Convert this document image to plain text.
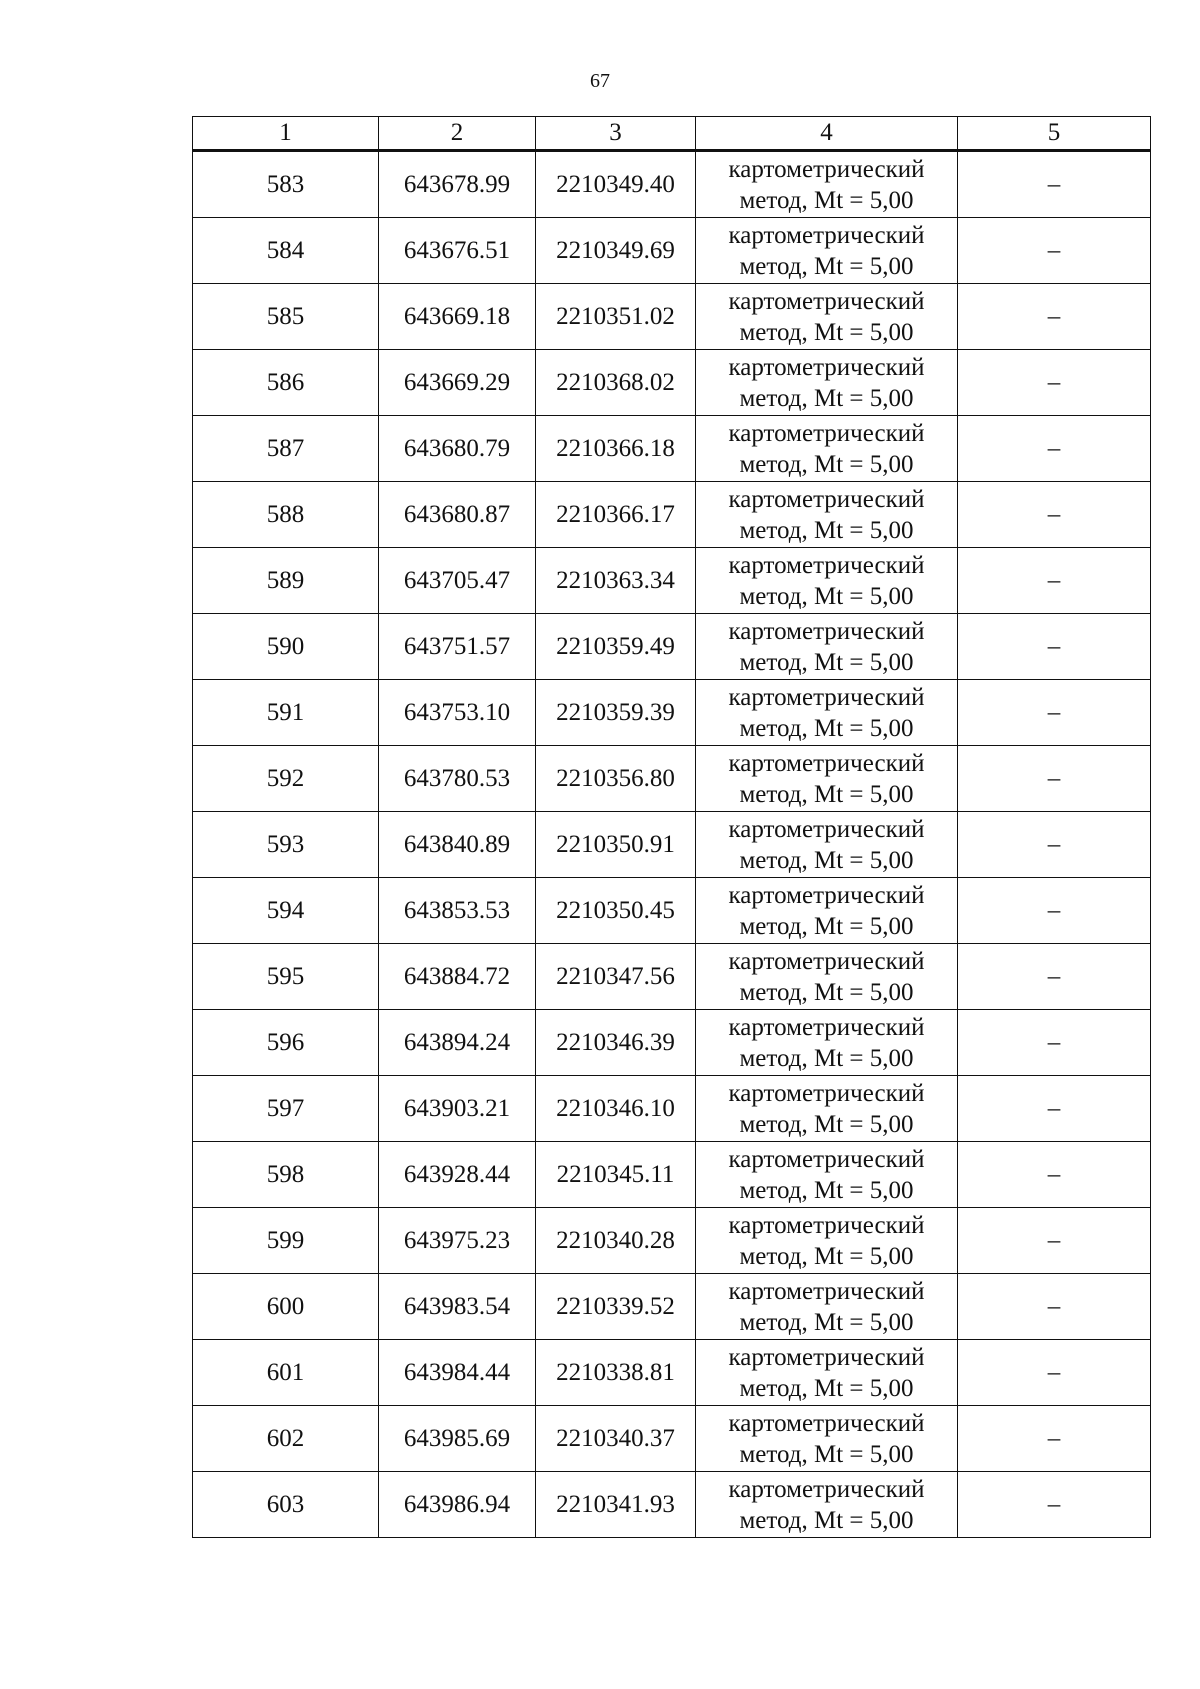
67
1	2	3	4	5
583	643678.99	2210349.40	картометрический
метод, Mt = 5,00	–
584	643676.51	2210349.69	картометрический
метод, Mt = 5,00	–
585	643669.18	2210351.02	картометрический
метод, Mt = 5,00	–
586	643669.29	2210368.02	картометрический
метод, Mt = 5,00	–
587	643680.79	2210366.18	картометрический
метод, Mt = 5,00	–
588	643680.87	2210366.17	картометрический
метод, Mt = 5,00	–
589	643705.47	2210363.34	картометрический
метод, Mt = 5,00	–
590	643751.57	2210359.49	картометрический
метод, Mt = 5,00	–
591	643753.10	2210359.39	картометрический
метод, Mt = 5,00	–
592	643780.53	2210356.80	картометрический
метод, Mt = 5,00	–
593	643840.89	2210350.91	картометрический
метод, Mt = 5,00	–
594	643853.53	2210350.45	картометрический
метод, Mt = 5,00	–
595	643884.72	2210347.56	картометрический
метод, Mt = 5,00	–
596	643894.24	2210346.39	картометрический
метод, Mt = 5,00	–
597	643903.21	2210346.10	картометрический
метод, Mt = 5,00	–
598	643928.44	2210345.11	картометрический
метод, Mt = 5,00	–
599	643975.23	2210340.28	картометрический
метод, Mt = 5,00	–
600	643983.54	2210339.52	картометрический
метод, Mt = 5,00	–
601	643984.44	2210338.81	картометрический
метод, Mt = 5,00	–
602	643985.69	2210340.37	картометрический
метод, Mt = 5,00	–
603	643986.94	2210341.93	картометрический
метод, Mt = 5,00	–
